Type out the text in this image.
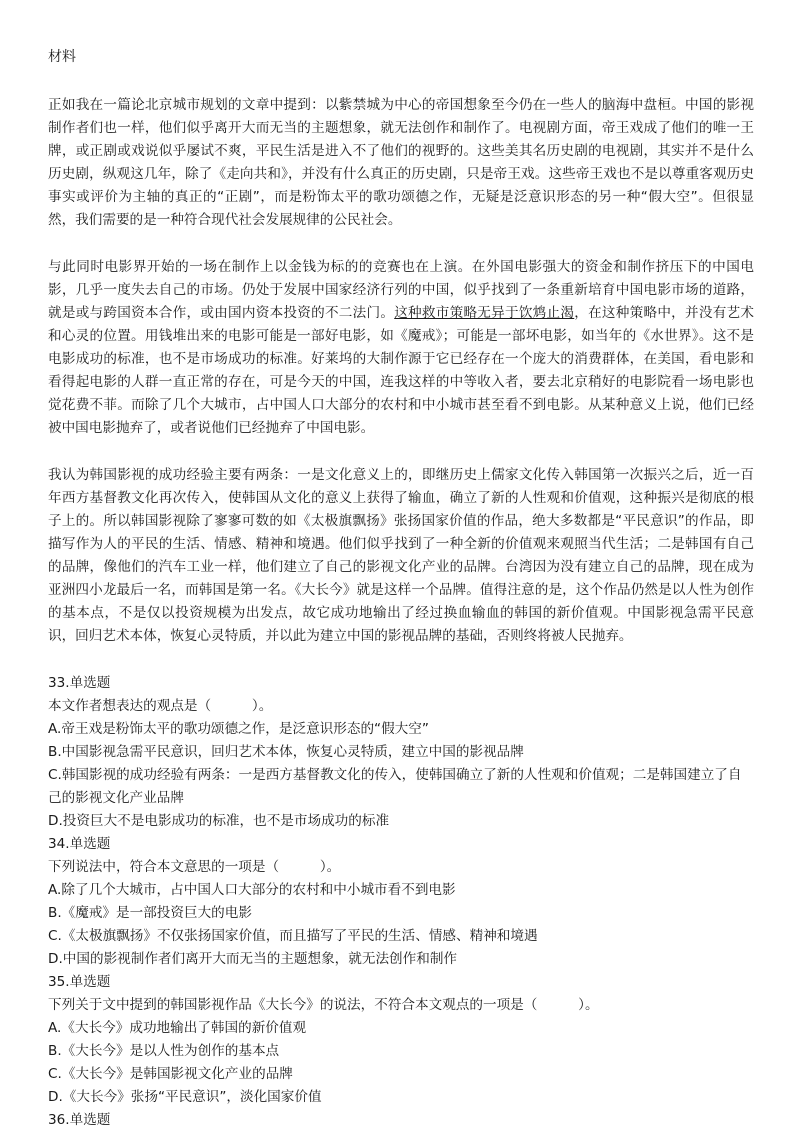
材料

正如我在一篇论北京城市规划的文章中提到：以紫禁城为中心的帝国想象至今仍在一些人的脑海中盘桓。中国的影视制作者们也一样，他们似乎离开大而无当的主题想象，就无法创作和制作了。电视剧方面，帝王戏成了他们的唯一王牌，或正剧或戏说似乎屡试不爽，平民生活是进入不了他们的视野的。这些美其名历史剧的电视剧，其实并不是什么历史剧，纵观这几年，除了《走向共和》，并没有什么真正的历史剧，只是帝王戏。这些帝王戏也不是以尊重客观历史事实或评价为主轴的真正的“正剧”，而是粉饰太平的歌功颂德之作，无疑是泛意识形态的另一种“假大空”。但很显然，我们需要的是一种符合现代社会发展规律的公民社会。

与此同时电影界开始的一场在制作上以金钱为标的的竞赛也在上演。在外国电影强大的资金和制作挤压下的中国电影，几乎一度失去自己的市场。仍处于发展中国家经济行列的中国，似乎找到了一条重新培育中国电影市场的道路，就是或与跨国资本合作，或由国内资本投资的不二法门。这种救市策略无异于饮鸩止渴，在这种策略中，并没有艺术和心灵的位置。用钱堆出来的电影可能是一部好电影，如《魔戒》；可能是一部坏电影，如当年的《水世界》。这不是电影成功的标准，也不是市场成功的标准。好莱坞的大制作源于它已经存在一个庞大的消费群体，在美国，看电影和看得起电影的人群一直正常的存在，可是今天的中国，连我这样的中等收入者，要去北京稍好的电影院看一场电影也觉花费不菲。而除了几个大城市，占中国人口大部分的农村和中小城市甚至看不到电影。从某种意义上说，他们已经被中国电影抛弃了，或者说他们已经抛弃了中国电影。

我认为韩国影视的成功经验主要有两条：一是文化意义上的，即继历史上儒家文化传入韩国第一次振兴之后，近一百年西方基督教文化再次传入，使韩国从文化的意义上获得了输血，确立了新的人性观和价值观，这种振兴是彻底的根子上的。所以韩国影视除了寥寥可数的如《太极旗飘扬》张扬国家价值的作品，绝大多数都是“平民意识”的作品，即描写作为人的平民的生活、情感、精神和境遇。他们似乎找到了一种全新的价值观来观照当代生活；二是韩国有自己的品牌，像他们的汽车工业一样，他们建立了自己的影视文化产业的品牌。台湾因为没有建立自己的品牌，现在成为亚洲四小龙最后一名，而韩国是第一名。《大长今》就是这样一个品牌。值得注意的是，这个作品仍然是以人性为创作的基本点，不是仅以投资规模为出发点，故它成功地输出了经过换血输血的韩国的新价值观。中国影视急需平民意识，回归艺术本体，恢复心灵特质，并以此为建立中国的影视品牌的基础，否则终将被人民抛弃。

33.单选题
本文作者想表达的观点是（　　　）。
A.帝王戏是粉饰太平的歌功颂德之作，是泛意识形态的“假大空”
B.中国影视急需平民意识，回归艺术本体，恢复心灵特质，建立中国的影视品牌
C.韩国影视的成功经验有两条：一是西方基督教文化的传入，使韩国确立了新的人性观和价值观；二是韩国建立了自己的影视文化产业品牌
D.投资巨大不是电影成功的标准，也不是市场成功的标准
34.单选题
下列说法中，符合本文意思的一项是（　　　）。
A.除了几个大城市，占中国人口大部分的农村和中小城市看不到电影
B.《魔戒》是一部投资巨大的电影
C.《太极旗飘扬》不仅张扬国家价值，而且描写了平民的生活、情感、精神和境遇
D.中国的影视制作者们离开大而无当的主题想象，就无法创作和制作
35.单选题
下列关于文中提到的韩国影视作品《大长今》的说法，不符合本文观点的一项是（　　　）。
A.《大长今》成功地输出了韩国的新价值观
B.《大长今》是以人性为创作的基本点
C.《大长今》是韩国影视文化产业的品牌
D.《大长今》张扬“平民意识”，淡化国家价值
36.单选题
